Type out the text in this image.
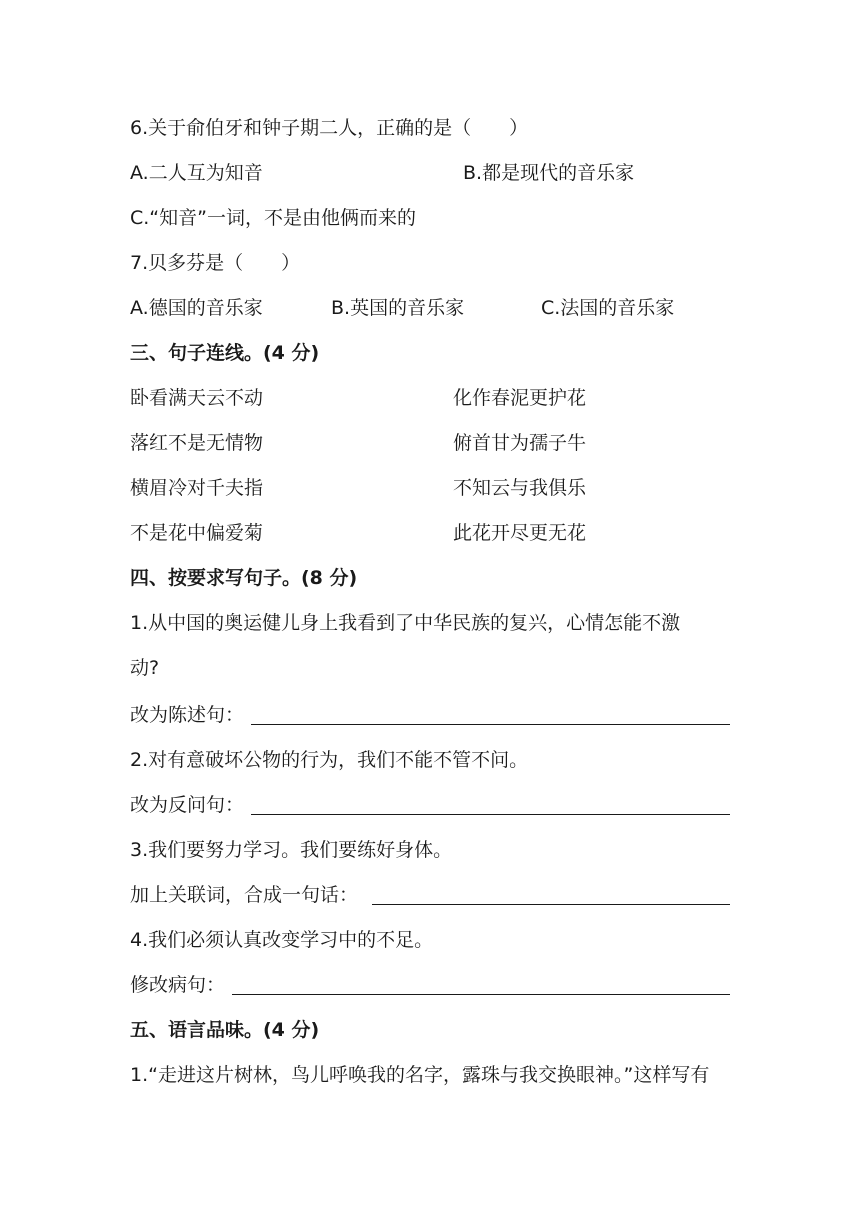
6.关于俞伯牙和钟子期二人，正确的是（　　）
A.二人互为知音	B.都是现代的音乐家
C.“知音”一词，不是由他俩而来的
7.贝多芬是（　　）
A.德国的音乐家	B.英国的音乐家	C.法国的音乐家
三、句子连线。(4 分)
卧看满天云不动	化作春泥更护花
落红不是无情物	俯首甘为孺子牛
横眉冷对千夫指	不知云与我俱乐
不是花中偏爱菊	此花开尽更无花
四、按要求写句子。(8 分)
1.从中国的奥运健儿身上我看到了中华民族的复兴，心情怎能不激
动?
改为陈述句：
2.对有意破坏公物的行为，我们不能不管不问。
改为反问句：
3.我们要努力学习。我们要练好身体。
加上关联词，合成一句话：
4.我们必须认真改变学习中的不足。
修改病句：
五、语言品味。(4 分)
1.“走进这片树林，鸟儿呼唤我的名字，露珠与我交换眼神。”这样写有
